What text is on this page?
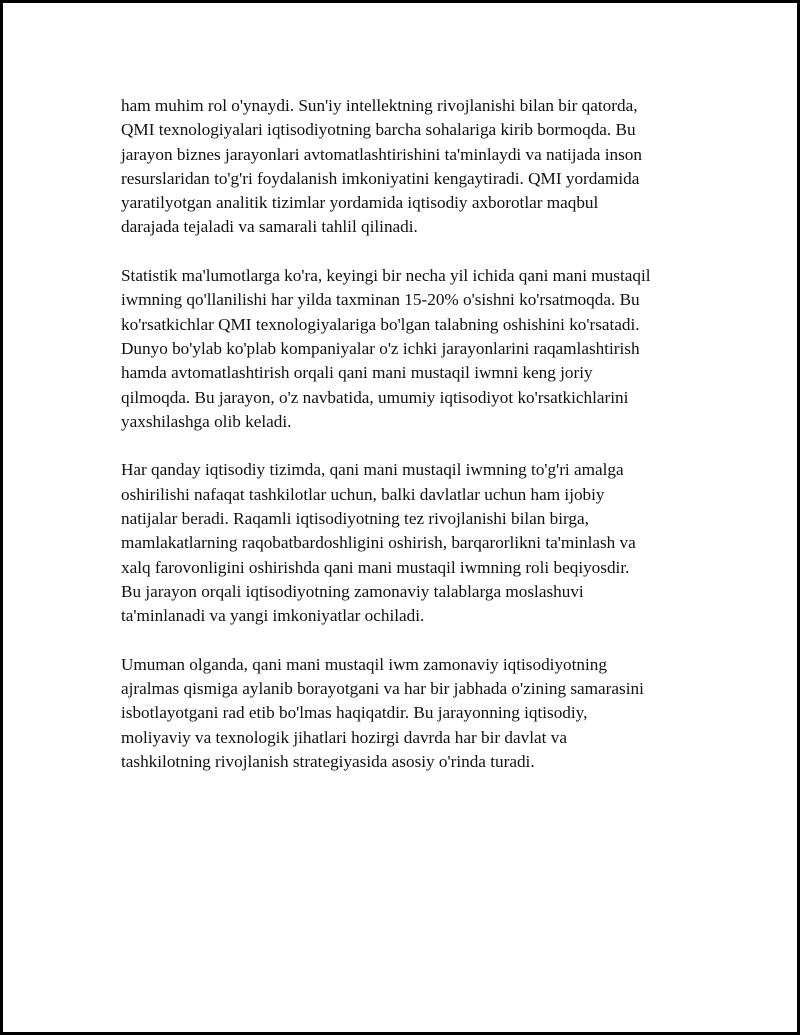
ham muhim rol o'ynaydi. Sun'iy intellektning rivojlanishi bilan bir qatorda,
QMI texnologiyalari iqtisodiyotning barcha sohalariga kirib bormoqda. Bu
jarayon biznes jarayonlari avtomatlashtirishini ta'minlaydi va natijada inson
resurslaridan to'g'ri foydalanish imkoniyatini kengaytiradi. QMI yordamida
yaratilyotgan analitik tizimlar yordamida iqtisodiy axborotlar maqbul
darajada tejaladi va samarali tahlil qilinadi.

Statistik ma'lumotlarga ko'ra, keyingi bir necha yil ichida qani mani mustaqil
iwmning qo'llanilishi har yilda taxminan 15-20% o'sishni ko'rsatmoqda. Bu
ko'rsatkichlar QMI texnologiyalariga bo'lgan talabning oshishini ko'rsatadi.
Dunyo bo'ylab ko'plab kompaniyalar o'z ichki jarayonlarini raqamlashtirish
hamda avtomatlashtirish orqali qani mani mustaqil iwmni keng joriy
qilmoqda. Bu jarayon, o'z navbatida, umumiy iqtisodiyot ko'rsatkichlarini
yaxshilashga olib keladi.

Har qanday iqtisodiy tizimda, qani mani mustaqil iwmning to'g'ri amalga
oshirilishi nafaqat tashkilotlar uchun, balki davlatlar uchun ham ijobiy
natijalar beradi. Raqamli iqtisodiyotning tez rivojlanishi bilan birga,
mamlakatlarning raqobatbardoshligini oshirish, barqarorlikni ta'minlash va
xalq farovonligini oshirishda qani mani mustaqil iwmning roli beqiyosdir.
Bu jarayon orqali iqtisodiyotning zamonaviy talablarga moslashuvi
ta'minlanadi va yangi imkoniyatlar ochiladi.

Umuman olganda, qani mani mustaqil iwm zamonaviy iqtisodiyotning
ajralmas qismiga aylanib borayotgani va har bir jabhada o'zining samarasini
isbotlayotgani rad etib bo'lmas haqiqatdir. Bu jarayonning iqtisodiy,
moliyaviy va texnologik jihatlari hozirgi davrda har bir davlat va
tashkilotning rivojlanish strategiyasida asosiy o'rinda turadi.
